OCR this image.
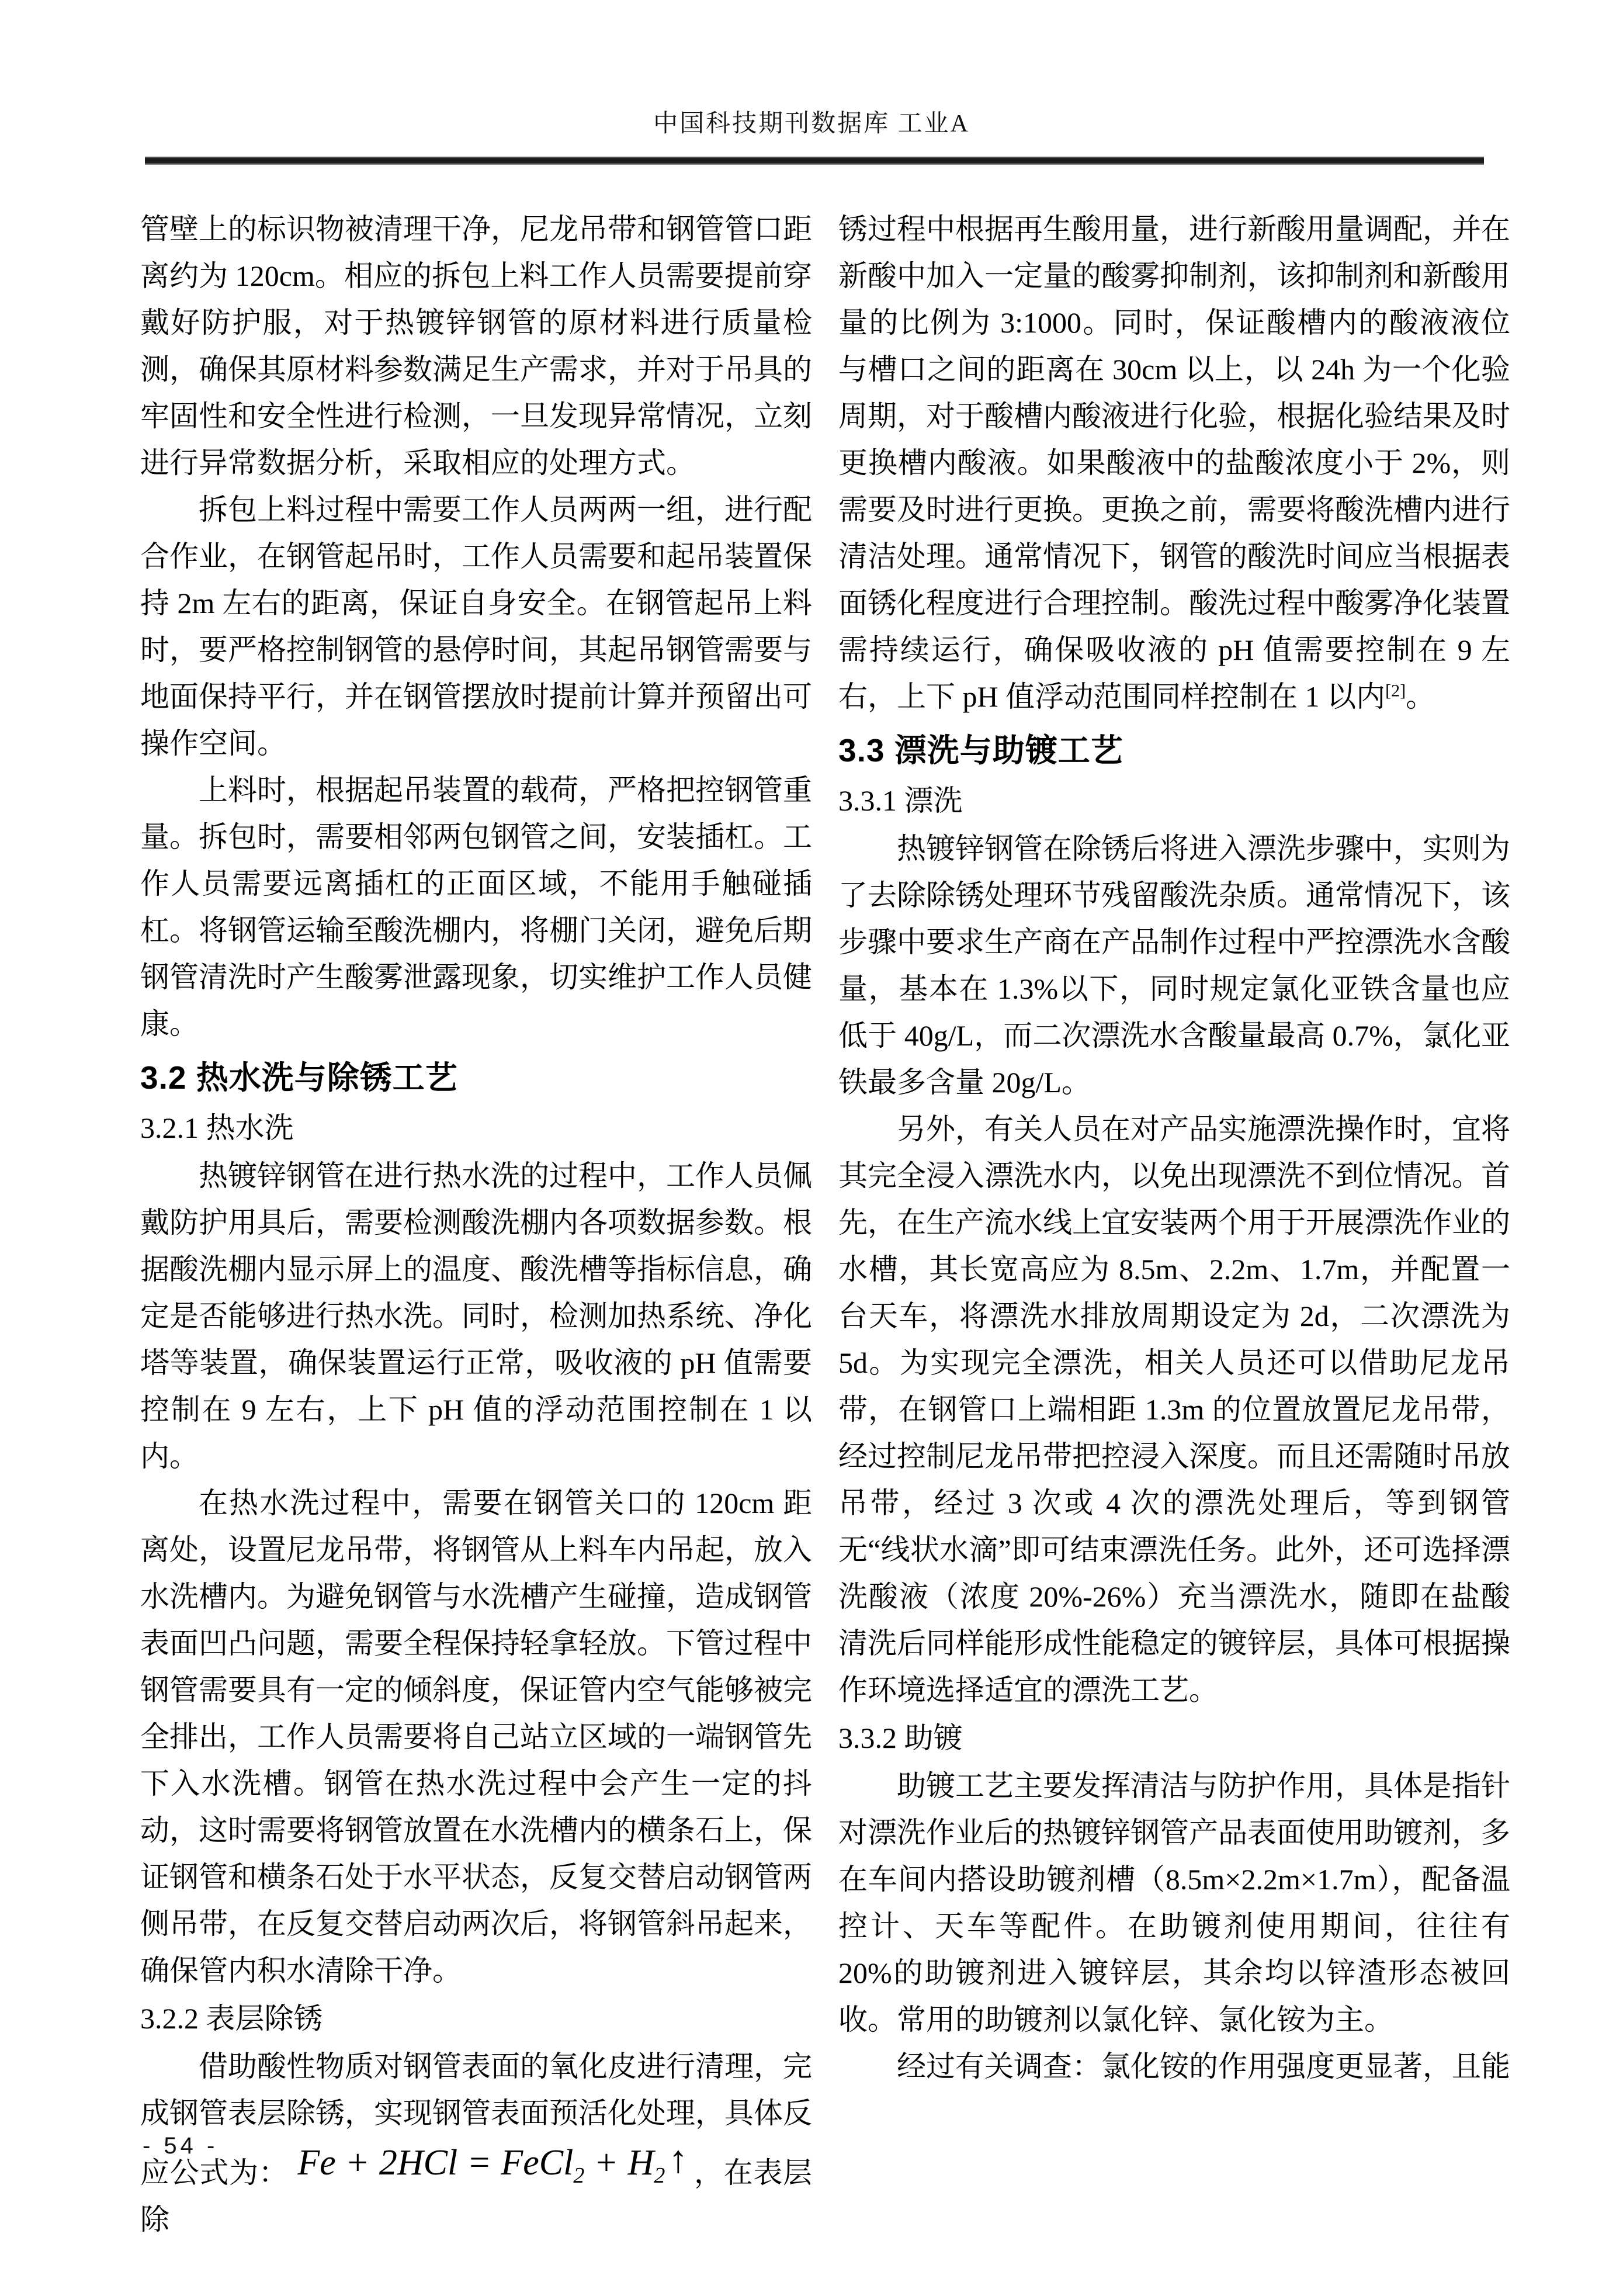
中国科技期刊数据库 工业A

管壁上的标识物被清理干净，尼龙吊带和钢管管口距离约为 120cm。相应的拆包上料工作人员需要提前穿戴好防护服，对于热镀锌钢管的原材料进行质量检测，确保其原材料参数满足生产需求，并对于吊具的牢固性和安全性进行检测，一旦发现异常情况，立刻进行异常数据分析，采取相应的处理方式。

拆包上料过程中需要工作人员两两一组，进行配合作业，在钢管起吊时，工作人员需要和起吊装置保持 2m 左右的距离，保证自身安全。在钢管起吊上料时，要严格控制钢管的悬停时间，其起吊钢管需要与地面保持平行，并在钢管摆放时提前计算并预留出可操作空间。

上料时，根据起吊装置的载荷，严格把控钢管重量。拆包时，需要相邻两包钢管之间，安装插杠。工作人员需要远离插杠的正面区域，不能用手触碰插杠。将钢管运输至酸洗棚内，将棚门关闭，避免后期钢管清洗时产生酸雾泄露现象，切实维护工作人员健康。

3.2 热水洗与除锈工艺
3.2.1 热水洗

热镀锌钢管在进行热水洗的过程中，工作人员佩戴防护用具后，需要检测酸洗棚内各项数据参数。根据酸洗棚内显示屏上的温度、酸洗槽等指标信息，确定是否能够进行热水洗。同时，检测加热系统、净化塔等装置，确保装置运行正常，吸收液的 pH 值需要控制在 9 左右，上下 pH 值的浮动范围控制在 1 以内。

在热水洗过程中，需要在钢管关口的 120cm 距离处，设置尼龙吊带，将钢管从上料车内吊起，放入水洗槽内。为避免钢管与水洗槽产生碰撞，造成钢管表面凹凸问题，需要全程保持轻拿轻放。下管过程中钢管需要具有一定的倾斜度，保证管内空气能够被完全排出，工作人员需要将自己站立区域的一端钢管先下入水洗槽。钢管在热水洗过程中会产生一定的抖动，这时需要将钢管放置在水洗槽内的横条石上，保证钢管和横条石处于水平状态，反复交替启动钢管两侧吊带，在反复交替启动两次后，将钢管斜吊起来，确保管内积水清除干净。

3.2.2 表层除锈

借助酸性物质对钢管表面的氧化皮进行清理，完成钢管表层除锈，实现钢管表面预活化处理，具体反应公式为： Fe + 2HCl = FeCl$_2$ + $H_2↑$ ，在表层除

锈过程中根据再生酸用量，进行新酸用量调配，并在新酸中加入一定量的酸雾抑制剂，该抑制剂和新酸用量的比例为 3:1000。同时，保证酸槽内的酸液液位与槽口之间的距离在 30cm 以上，以 24h 为一个化验周期，对于酸槽内酸液进行化验，根据化验结果及时更换槽内酸液。如果酸液中的盐酸浓度小于 2%，则需要及时进行更换。更换之前，需要将酸洗槽内进行清洁处理。通常情况下，钢管的酸洗时间应当根据表面锈化程度进行合理控制。酸洗过程中酸雾净化装置需持续运行，确保吸收液的 pH 值需要控制在 9 左右，上下 pH 值浮动范围同样控制在 1 以内[2]。

3.3 漂洗与助镀工艺
3.3.1 漂洗

热镀锌钢管在除锈后将进入漂洗步骤中，实则为了去除除锈处理环节残留酸洗杂质。通常情况下，该步骤中要求生产商在产品制作过程中严控漂洗水含酸量，基本在 1.3%以下，同时规定氯化亚铁含量也应低于 40g/L，而二次漂洗水含酸量最高 0.7%，氯化亚铁最多含量 20g/L。

另外，有关人员在对产品实施漂洗操作时，宜将其完全浸入漂洗水内，以免出现漂洗不到位情况。首先，在生产流水线上宜安装两个用于开展漂洗作业的水槽，其长宽高应为 8.5m、2.2m、1.7m，并配置一台天车，将漂洗水排放周期设定为 2d，二次漂洗为 5d。为实现完全漂洗，相关人员还可以借助尼龙吊带，在钢管口上端相距 1.3m 的位置放置尼龙吊带，经过控制尼龙吊带把控浸入深度。而且还需随时吊放吊带，经过 3 次或 4 次的漂洗处理后，等到钢管无“线状水滴”即可结束漂洗任务。此外，还可选择漂洗酸液（浓度 20%-26%）充当漂洗水，随即在盐酸清洗后同样能形成性能稳定的镀锌层，具体可根据操作环境选择适宜的漂洗工艺。

3.3.2 助镀

助镀工艺主要发挥清洁与防护作用，具体是指针对漂洗作业后的热镀锌钢管产品表面使用助镀剂，多在车间内搭设助镀剂槽（8.5m×2.2m×1.7m），配备温控计、天车等配件。在助镀剂使用期间，往往有 20%的助镀剂进入镀锌层，其余均以锌渣形态被回收。常用的助镀剂以氯化锌、氯化铵为主。

经过有关调查：氯化铵的作用强度更显著，且能

- 54 -
